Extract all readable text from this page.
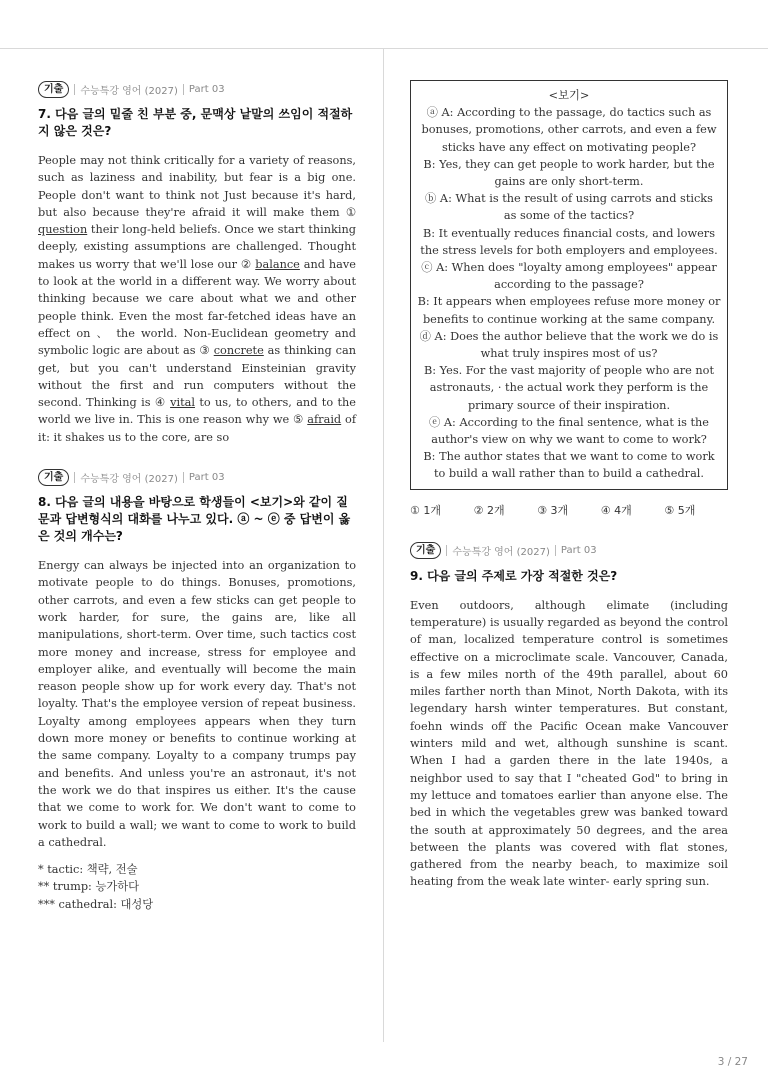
기출	수능특강 영어 (2027) Part 03
7. 다음 글의 밑줄 친 부분 중, 문맥상 낱말의 쓰임이 적절하지 않은 것은?
People may not think critically for a variety of reasons, such as laziness and inability, but fear is a big one. People don't want to think not Just because it's hard, but also because they're afraid it will make them ① question their long-held beliefs. Once we start thinking deeply, existing assumptions are challenged. Thought makes us worry that we'll lose our ② balance and have to look at the world in a different way. We worry about thinking because we care about what we and other people think. Even the most far-fetched ideas have an effect on 、 the world. Non-Euclidean geometry and symbolic logic are about as ③ concrete as thinking can get, but you can't understand Einsteinian gravity without the first and run computers without the second. Thinking is ④ vital to us, to others, and to the world we live in. This is one reason why we ⑤ afraid of it: it shakes us to the core, are so
기출	수능특강 영어 (2027) Part 03
8. 다음 글의 내용을 바탕으로 학생들이 <보기>와 같이 질문과 답변형식의 대화를 나누고 있다. ⓐ ~ ⓔ 중 답변이 옳은 것의 개수는?
Energy can always be injected into an organization to motivate people to do things. Bonuses, promotions, other carrots, and even a few sticks can get people to work harder, for sure, the gains are, like all manipulations, short-term. Over time, such tactics cost more money and increase, stress for employee and employer alike, and eventually will become the main reason people show up for work every day. That's not loyalty. That's the employee version of repeat business. Loyalty among employees appears when they turn down more money or benefits to continue working at the same company. Loyalty to a company trumps pay and benefits. And unless you're an astronaut, it's not the work we do that inspires us either. It's the cause that we come to work for. We don't want to come to work to build a wall; we want to come to work to build a cathedral.
* tactic: 책략, 전술
** trump: 능가하다
*** cathedral: 대성당
<보기>
ⓐ A: According to the passage, do tactics such as bonuses, promotions, other carrots, and even a few sticks have any effect on motivating people?
B: Yes, they can get people to work harder, but the gains are only short-term.
ⓑ A: What is the result of using carrots and sticks as some of the tactics?
B: It eventually reduces financial costs, and lowers the stress levels for both employers and employees.
ⓒ A: When does "loyalty among employees" appear according to the passage?
B: It appears when employees refuse more money or benefits to continue working at the same company.
ⓓ A: Does the author believe that the work we do is what truly inspires most of us?
B: Yes. For the vast majority of people who are not astronauts, · the actual work they perform is the primary source of their inspiration.
ⓔ A: According to the final sentence, what is the author's view on why we want to come to work?
B: The author states that we want to come to work to build a wall rather than to build a cathedral.
① 1개	② 2개	③ 3개	④ 4개	⑤ 5개
기출	수능특강 영어 (2027) Part 03
9. 다음 글의 주제로 가장 적절한 것은?
Even outdoors, although elimate (including temperature) is usually regarded as beyond the control of man, localized temperature control is sometimes effective on a microclimate scale. Vancouver, Canada, is a few miles north of the 49th parallel, about 60 miles farther north than Minot, North Dakota, with its legendary harsh winter temperatures. But constant, foehn winds off the Pacific Ocean make Vancouver winters mild and wet, although sunshine is scant. When I had a garden there in the late 1940s, a neighbor used to say that I "cheated God" to bring in my lettuce and tomatoes earlier than anyone else. The bed in which the vegetables grew was banked toward the south at approximately 50 degrees, and the area between the plants was covered with flat stones, gathered from the nearby beach, to maximize soil heating from the weak late winter- early spring sun.
3 / 27
